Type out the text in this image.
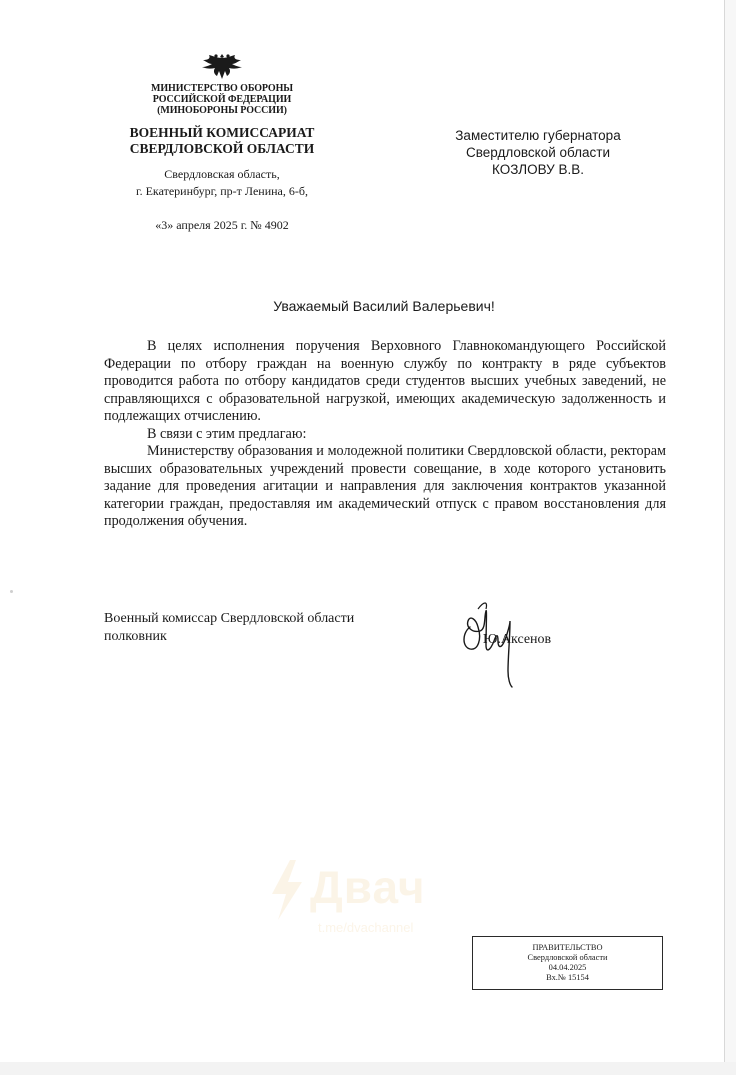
МИНИСТЕРСТВО ОБОРОНЫ
РОССИЙСКОЙ ФЕДЕРАЦИИ
(МИНОБОРОНЫ РОССИИ)
ВОЕННЫЙ КОМИССАРИАТ
СВЕРДЛОВСКОЙ ОБЛАСТИ
Свердловская область,
г. Екатеринбург, пр-т Ленина, 6-б,
«3» апреля 2025 г. № 4902
Заместителю губернатора
Свердловской области
КОЗЛОВУ В.В.
Уважаемый Василий Валерьевич!

В целях исполнения поручения Верховного Главнокомандующего Российской Федерации по отбору граждан на военную службу по контракту в ряде субъектов проводится работа по отбору кандидатов среди студентов высших учебных заведений, не справляющихся с образовательной нагрузкой, имеющих академическую задолженность и подлежащих отчислению.

В связи с этим предлагаю:

Министерству образования и молодежной политики Свердловской области, ректорам высших образовательных учреждений провести совещание, в ходе которого установить задание для проведения агитации и направления для заключения контрактов указанной категории граждан, предоставляя им академический отпуск с правом восстановления для продолжения обучения.

Военный комиссар Свердловской области
полковник	Ю.Аксенов
Двач
t.me/dvachannel
ПРАВИТЕЛЬСТВО
Свердловской области
04.04.2025
Вх.№ 15154
